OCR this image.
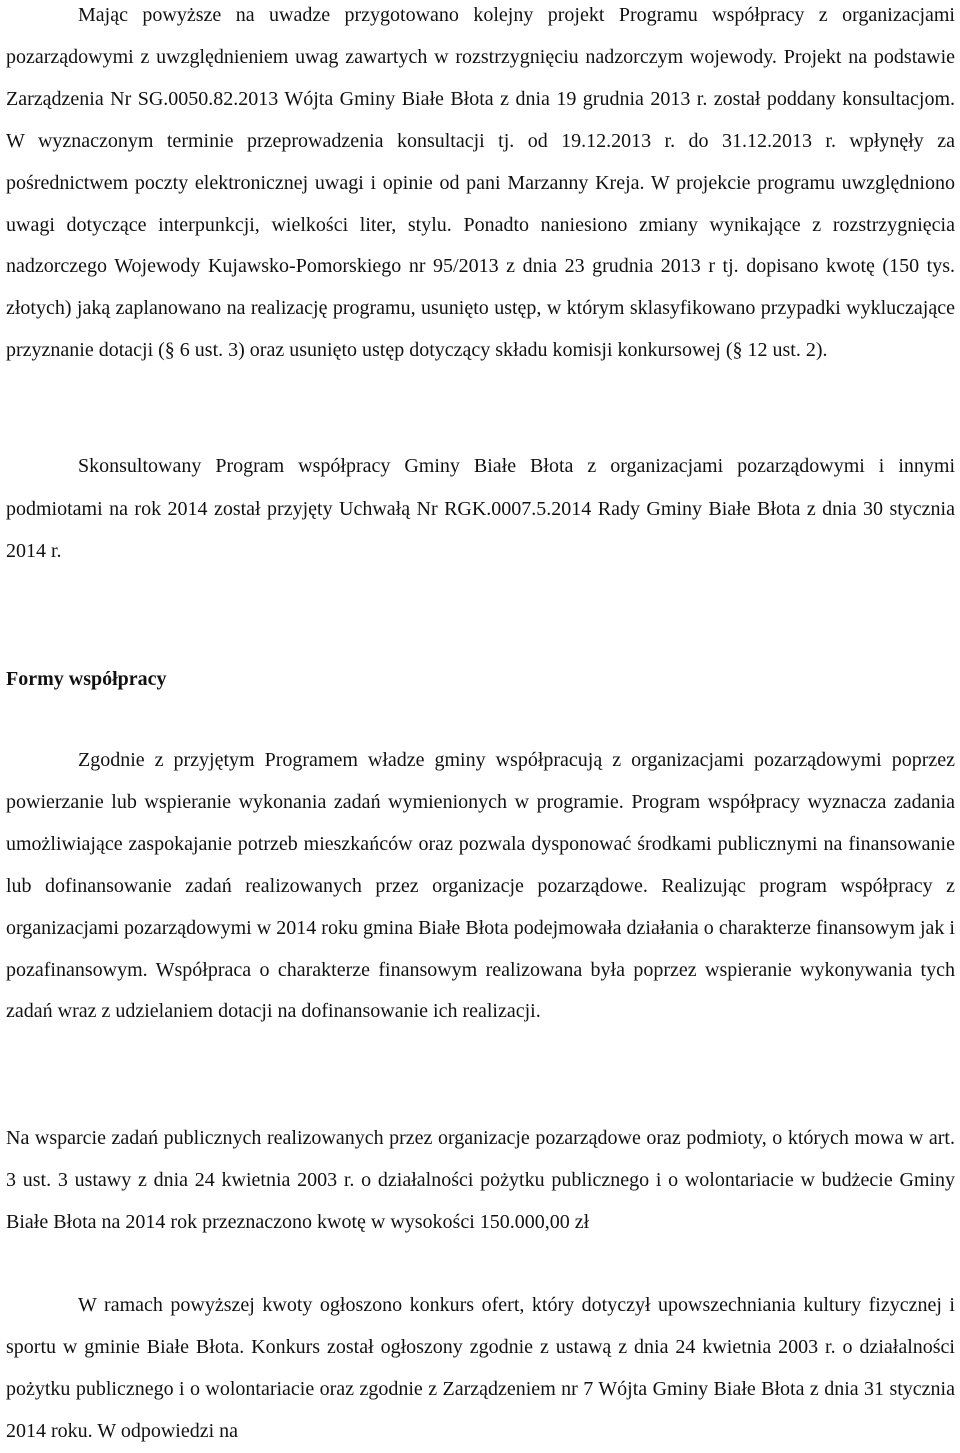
Mając powyższe na uwadze przygotowano kolejny projekt Programu współpracy z organizacjami pozarządowymi z uwzględnieniem uwag zawartych w rozstrzygnięciu nadzorczym wojewody. Projekt na podstawie Zarządzenia Nr SG.0050.82.2013 Wójta Gminy Białe Błota z dnia 19 grudnia 2013 r. został poddany konsultacjom. W wyznaczonym terminie przeprowadzenia konsultacji tj. od 19.12.2013 r. do 31.12.2013 r. wpłynęły za pośrednictwem poczty elektronicznej uwagi i opinie od pani Marzanny Kreja. W projekcie programu uwzględniono uwagi dotyczące interpunkcji, wielkości liter, stylu. Ponadto naniesiono zmiany wynikające z rozstrzygnięcia nadzorczego Wojewody Kujawsko-Pomorskiego nr 95/2013 z dnia 23 grudnia 2013 r tj. dopisano kwotę (150 tys. złotych) jaką zaplanowano na realizację programu, usunięto ustęp, w którym sklasyfikowano przypadki wykluczające przyznanie dotacji (§ 6 ust. 3) oraz usunięto ustęp dotyczący składu komisji konkursowej (§ 12 ust. 2).

Skonsultowany Program współpracy Gminy Białe Błota z organizacjami pozarządowymi i innymi podmiotami na rok 2014 został przyjęty Uchwałą Nr RGK.0007.5.2014 Rady Gminy Białe Błota z dnia 30 stycznia 2014 r.

Formy współpracy

Zgodnie z przyjętym Programem władze gminy współpracują z organizacjami pozarządowymi poprzez powierzanie lub wspieranie wykonania zadań wymienionych w programie. Program współpracy wyznacza zadania umożliwiające zaspokajanie potrzeb mieszkańców oraz pozwala dysponować środkami publicznymi na finansowanie lub dofinansowanie zadań realizowanych przez organizacje pozarządowe. Realizując program współpracy z organizacjami pozarządowymi w 2014 roku gmina Białe Błota podejmowała działania o charakterze finansowym jak i pozafinansowym. Współpraca o charakterze finansowym realizowana była poprzez wspieranie wykonywania tych zadań wraz z udzielaniem dotacji na dofinansowanie ich realizacji.

Na wsparcie zadań publicznych realizowanych przez organizacje pozarządowe oraz podmioty, o których mowa w art. 3 ust. 3 ustawy z dnia 24 kwietnia 2003 r. o działalności pożytku publicznego i o wolontariacie w budżecie Gminy Białe Błota na 2014 rok przeznaczono kwotę w wysokości 150.000,00 zł

W ramach powyższej kwoty ogłoszono konkurs ofert, który dotyczył upowszechniania kultury fizycznej i sportu w gminie Białe Błota. Konkurs został ogłoszony zgodnie z ustawą z dnia 24 kwietnia 2003 r. o działalności pożytku publicznego i o wolontariacie oraz zgodnie z Zarządzeniem nr 7 Wójta Gminy Białe Błota z dnia 31 stycznia 2014 roku. W odpowiedzi na
